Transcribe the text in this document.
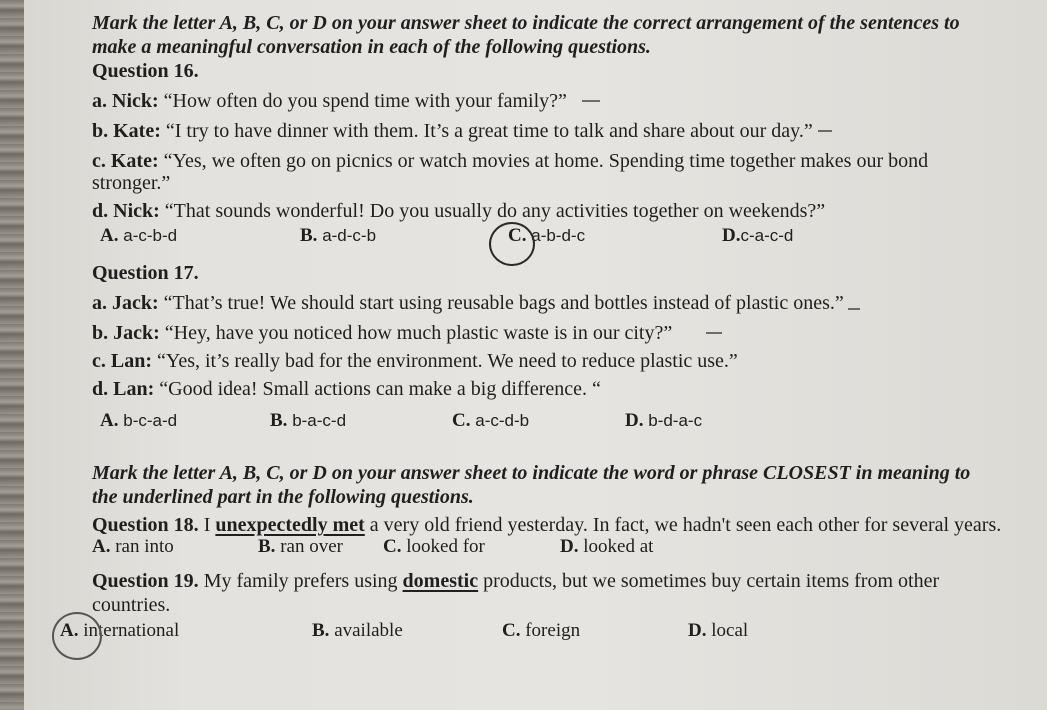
Mark the letter A, B, C, or D on your answer sheet to indicate the correct arrangement of the sentences to
make a meaningful conversation in each of the following questions.
Question 16.
a. Nick: “How often do you spend time with your family?”
b. Kate: “I try to have dinner with them. It’s a great time to talk and share about our day.”
c. Kate: “Yes, we often go on picnics or watch movies at home. Spending time together makes our bond
stronger.”
d. Nick: “That sounds wonderful! Do you usually do any activities together on weekends?”
A. a-c-b-d	B. a-d-c-b	C. a-b-d-c	D.c-a-c-d
Question 17.
a. Jack: “That’s true! We should start using reusable bags and bottles instead of plastic ones.”
b. Jack: “Hey, have you noticed how much plastic waste is in our city?”
c. Lan: “Yes, it’s really bad for the environment. We need to reduce plastic use.”
d. Lan: “Good idea! Small actions can make a big difference. “
A. b-c-a-d	B. b-a-c-d	C. a-c-d-b	D. b-d-a-c
Mark the letter A, B, C, or D on your answer sheet to indicate the word or phrase CLOSEST in meaning to
the underlined part in the following questions.
Question 18. I unexpectedly met a very old friend yesterday. In fact, we hadn't seen each other for several years.
A. ran into	B. ran over C. looked for	D. looked at
Question 19. My family prefers using domestic products, but we sometimes buy certain items from other
countries.
A. international	B. available	C. foreign	D. local
